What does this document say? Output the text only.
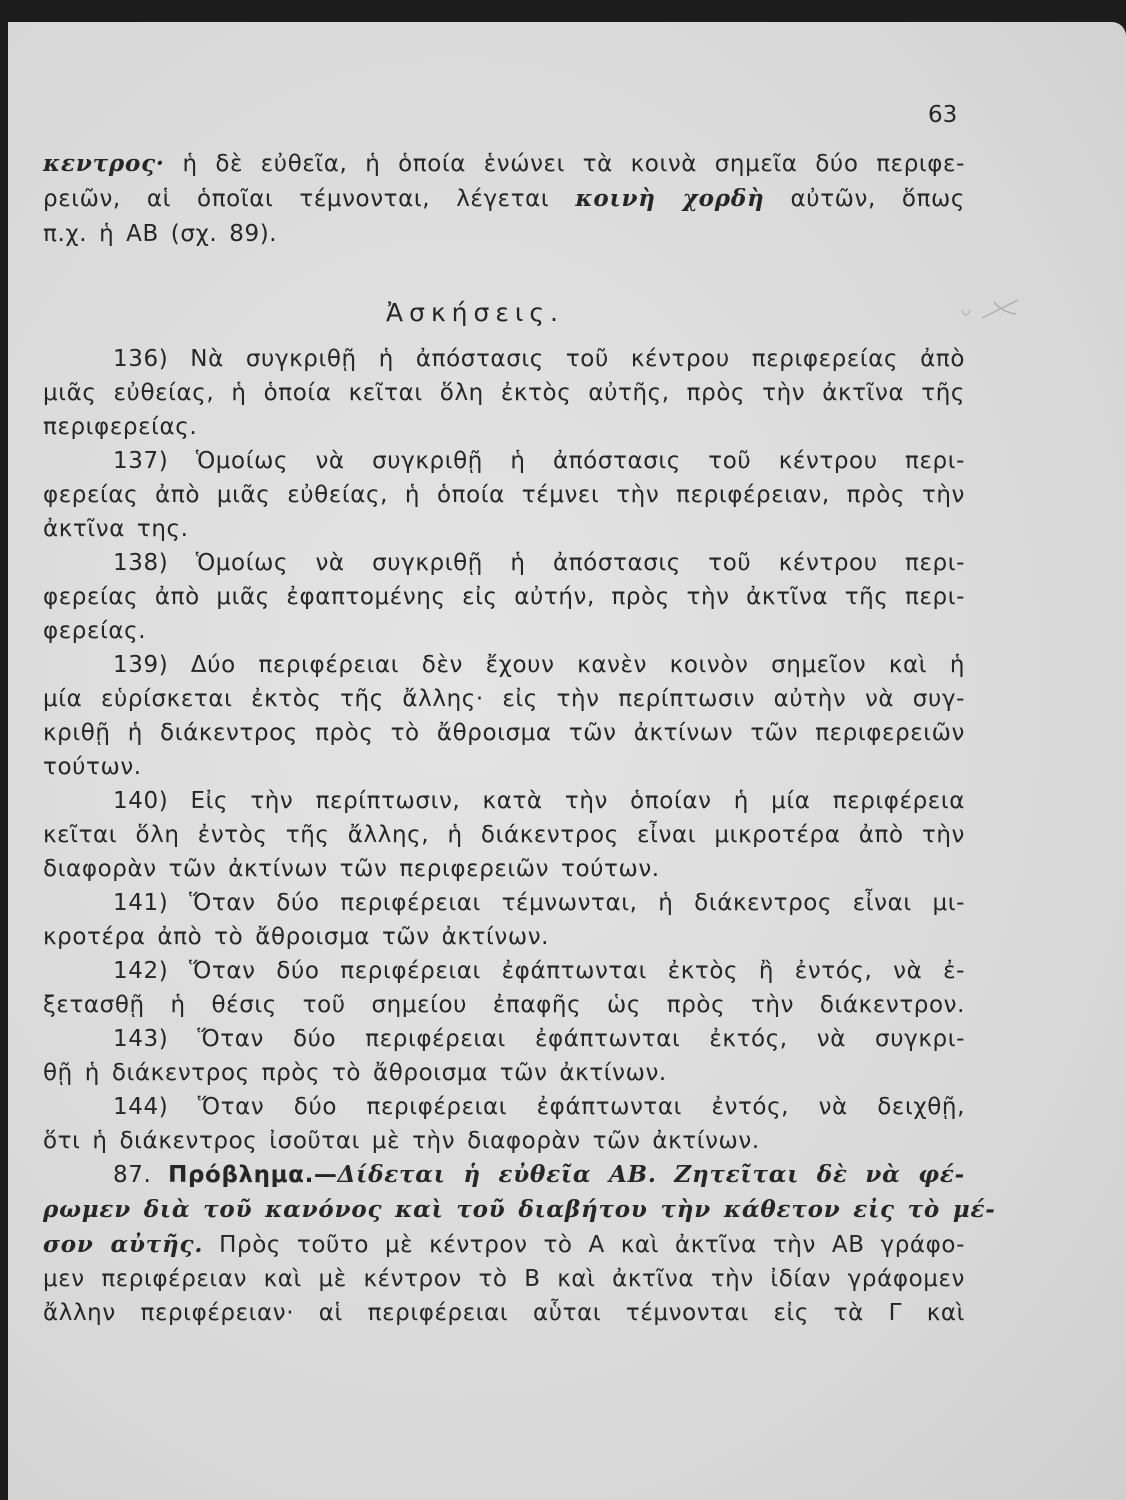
63
κεντρος· ἡ δὲ εὐθεῖα, ἡ ὁποία ἑνώνει τὰ κοινὰ σημεῖα δύο περιφε-
ρειῶν, αἱ ὁποῖαι τέμνονται, λέγεται κοινὴ χορδὴ αὐτῶν, ὅπως
π.χ. ἡ ΑΒ (σχ. 89).
Ἀσκήσεις.
136) Νὰ συγκριθῇ ἡ ἀπόστασις τοῦ κέντρου περιφερείας ἀπὸ
μιᾶς εὐθείας, ἡ ὁποία κεῖται ὅλη ἐκτὸς αὐτῆς, πρὸς τὴν ἀκτῖνα τῆς
περιφερείας.
137) Ὁμοίως νὰ συγκριθῇ ἡ ἀπόστασις τοῦ κέντρου περι-
φερείας ἀπὸ μιᾶς εὐθείας, ἡ ὁποία τέμνει τὴν περιφέρειαν, πρὸς τὴν
ἀκτῖνα της.
138) Ὁμοίως νὰ συγκριθῇ ἡ ἀπόστασις τοῦ κέντρου περι-
φερείας ἀπὸ μιᾶς ἐφαπτομένης εἰς αὐτήν, πρὸς τὴν ἀκτῖνα τῆς περι-
φερείας.
139) Δύο περιφέρειαι δὲν ἔχουν κανὲν κοινὸν σημεῖον καὶ ἡ
μία εὑρίσκεται ἐκτὸς τῆς ἄλλης· εἰς τὴν περίπτωσιν αὐτὴν νὰ συγ-
κριθῇ ἡ διάκεντρος πρὸς τὸ ἄθροισμα τῶν ἀκτίνων τῶν περιφερειῶν
τούτων.
140) Εἰς τὴν περίπτωσιν, κατὰ τὴν ὁποίαν ἡ μία περιφέρεια
κεῖται ὅλη ἐντὸς τῆς ἄλλης, ἡ διάκεντρος εἶναι μικροτέρα ἀπὸ τὴν
διαφορὰν τῶν ἀκτίνων τῶν περιφερειῶν τούτων.
141) Ὅταν δύο περιφέρειαι τέμνωνται, ἡ διάκεντρος εἶναι μι-
κροτέρα ἀπὸ τὸ ἄθροισμα τῶν ἀκτίνων.
142) Ὅταν δύο περιφέρειαι ἐφάπτωνται ἐκτὸς ἢ ἐντός, νὰ ἐ-
ξετασθῇ ἡ θέσις τοῦ σημείου ἐπαφῆς ὡς πρὸς τὴν διάκεντρον.
143) Ὅταν δύο περιφέρειαι ἐφάπτωνται ἐκτός, νὰ συγκρι-
θῇ ἡ διάκεντρος πρὸς τὸ ἄθροισμα τῶν ἀκτίνων.
144) Ὅταν δύο περιφέρειαι ἐφάπτωνται ἐντός, νὰ δειχθῇ,
ὅτι ἡ διάκεντρος ἰσοῦται μὲ τὴν διαφορὰν τῶν ἀκτίνων.
87. Πρόβλημα.—Δίδεται ἡ εὐθεῖα ΑΒ. Ζητεῖται δὲ νὰ φέ-
ρωμεν διὰ τοῦ κανόνος καὶ τοῦ διαβήτου τὴν κάθετον εἰς τὸ μέ-
σον αὐτῆς. Πρὸς τοῦτο μὲ κέντρον τὸ Α καὶ ἀκτῖνα τὴν ΑΒ γράφο-
μεν περιφέρειαν καὶ μὲ κέντρον τὸ Β καὶ ἀκτῖνα τὴν ἰδίαν γράφομεν
ἄλλην περιφέρειαν· αἱ περιφέρειαι αὗται τέμνονται εἰς τὰ Γ καὶ
